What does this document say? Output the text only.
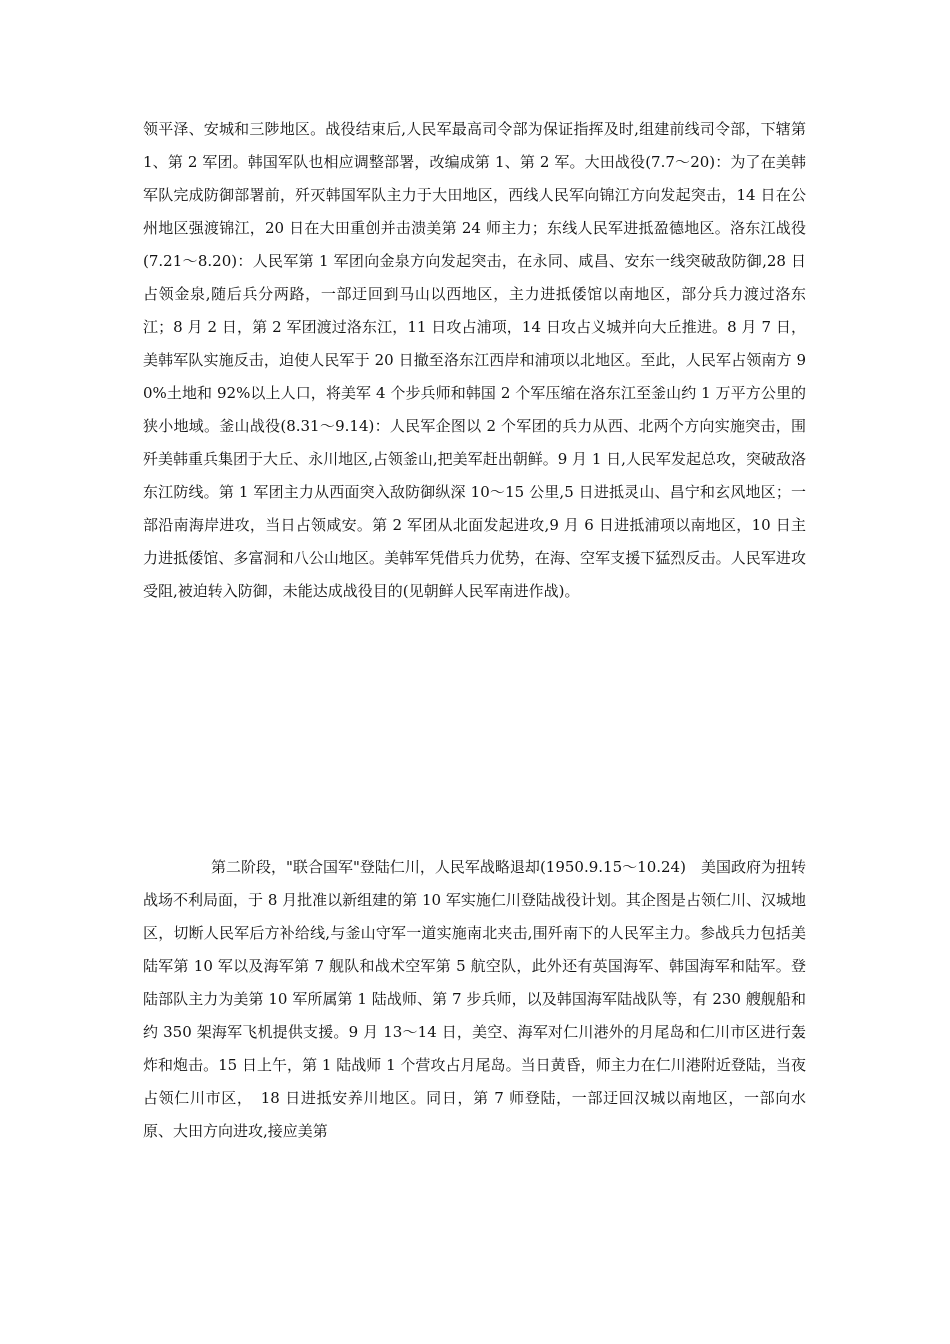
领平泽、安城和三陟地区。战役结束后,人民军最高司令部为保证指挥及时,组建前线司令部，下辖第 1、第 2 军团。韩国军队也相应调整部署，改编成第 1、第 2 军。大田战役(7.7～20)：为了在美韩军队完成防御部署前，歼灭韩国军队主力于大田地区，西线人民军向锦江方向发起突击，14 日在公州地区强渡锦江，20 日在大田重创并击溃美第 24 师主力；东线人民军进抵盈德地区。洛东江战役(7.21～8.20)：人民军第 1 军团向金泉方向发起突击，在永同、咸昌、安东一线突破敌防御,28 日占领金泉,随后兵分两路，一部迂回到马山以西地区，主力进抵倭馆以南地区，部分兵力渡过洛东江；8 月 2 日，第 2 军团渡过洛东江，11 日攻占浦项，14 日攻占义城并向大丘推进。8 月 7 日，美韩军队实施反击，迫使人民军于 20 日撤至洛东江西岸和浦项以北地区。至此，人民军占领南方 90%土地和 92%以上人口，将美军 4 个步兵师和韩国 2 个军压缩在洛东江至釜山约 1 万平方公里的狭小地域。釜山战役(8.31～9.14)：人民军企图以 2 个军团的兵力从西、北两个方向实施突击，围歼美韩重兵集团于大丘、永川地区,占领釜山,把美军赶出朝鲜。9 月 1 日,人民军发起总攻，突破敌洛东江防线。第 1 军团主力从西面突入敌防御纵深 10～15 公里,5 日进抵灵山、昌宁和玄风地区；一部沿南海岸进攻，当日占领咸安。第 2 军团从北面发起进攻,9 月 6 日进抵浦项以南地区，10 日主力进抵倭馆、多富洞和八公山地区。美韩军凭借兵力优势，在海、空军支援下猛烈反击。人民军进攻受阻,被迫转入防御，未能达成战役目的(见朝鲜人民军南进作战)。

第二阶段，"联合国军"登陆仁川，人民军战略退却(1950.9.15～10.24)　美国政府为扭转战场不利局面，于 8 月批准以新组建的第 10 军实施仁川登陆战役计划。其企图是占领仁川、汉城地区，切断人民军后方补给线,与釜山守军一道实施南北夹击,围歼南下的人民军主力。参战兵力包括美陆军第 10 军以及海军第 7 舰队和战术空军第 5 航空队，此外还有英国海军、韩国海军和陆军。登陆部队主力为美第 10 军所属第 1 陆战师、第 7 步兵师，以及韩国海军陆战队等，有 230 艘舰船和约 350 架海军飞机提供支援。9 月 13～14 日，美空、海军对仁川港外的月尾岛和仁川市区进行轰炸和炮击。15 日上午，第 1 陆战师 1 个营攻占月尾岛。当日黄昏，师主力在仁川港附近登陆，当夜占领仁川市区，　18 日进抵安养川地区。同日，第 7 师登陆，一部迂回汉城以南地区，一部向水原、大田方向进攻,接应美第
